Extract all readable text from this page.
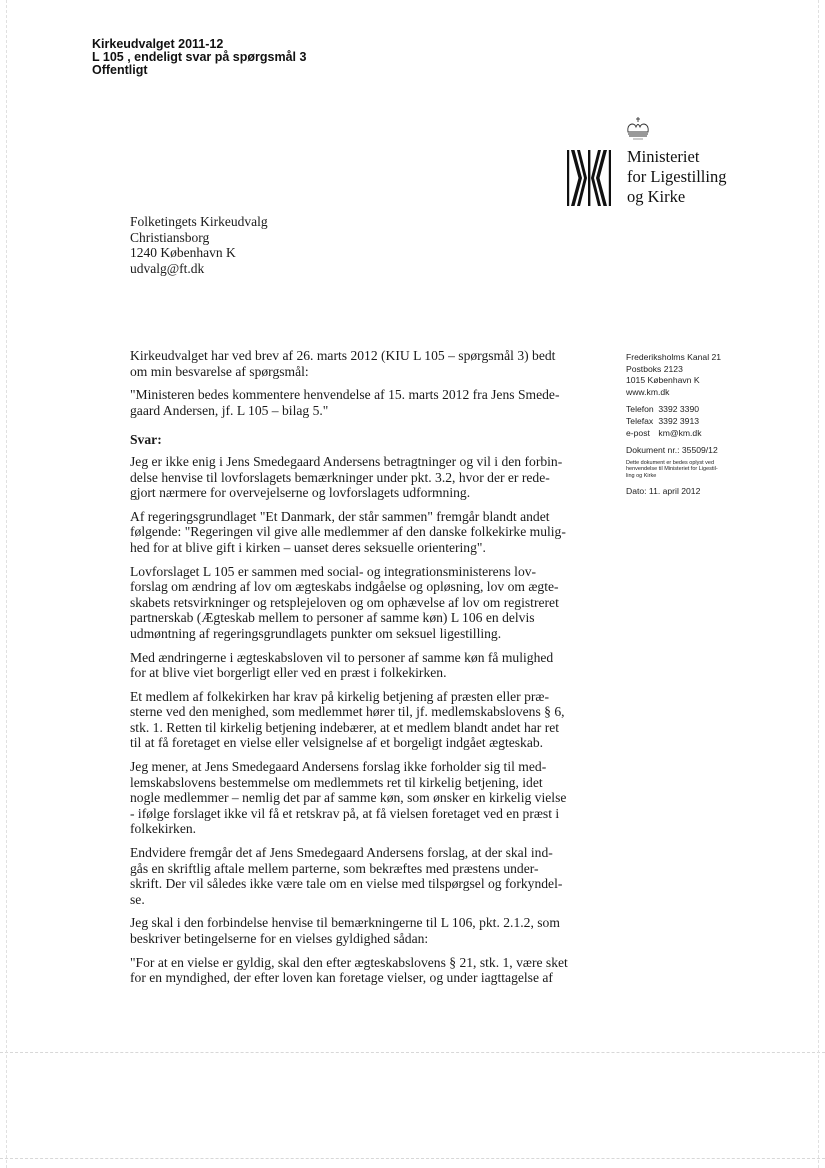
Kirkeudvalget 2011-12
L 105 , endeligt svar på spørgsmål 3
Offentligt
Ministeriet
for Ligestilling
og Kirke
Folketingets Kirkeudvalg
Christiansborg
1240 København K
udvalg@ft.dk
Frederiksholms Kanal 21
Postboks 2123
1015 København K
www.km.dk
Telefon 3392 3390
Telefax 3392 3913
e-post km@km.dk
Dokument nr.: 35509/12
Dette dokument er bedes oplyst ved
henvendelse til Ministeriet for Ligestil-
ling og Kirke
Dato: 11. april 2012

Kirkeudvalget har ved brev af 26. marts 2012 (KIU L 105 – spørgsmål 3) bedt
om min besvarelse af spørgsmål:

"Ministeren bedes kommentere henvendelse af 15. marts 2012 fra Jens Smede-
gaard Andersen, jf. L 105 – bilag 5."

Svar:

Jeg er ikke enig i Jens Smedegaard Andersens betragtninger og vil i den forbin-
delse henvise til lovforslagets bemærkninger under pkt. 3.2, hvor der er rede-
gjort nærmere for overvejelserne og lovforslagets udformning.

Af regeringsgrundlaget "Et Danmark, der står sammen" fremgår blandt andet
følgende: "Regeringen vil give alle medlemmer af den danske folkekirke mulig-
hed for at blive gift i kirken – uanset deres seksuelle orientering".

Lovforslaget L 105 er sammen med social- og integrationsministerens lov-
forslag om ændring af lov om ægteskabs indgåelse og opløsning, lov om ægte-
skabets retsvirkninger og retsplejeloven og om ophævelse af lov om registreret
partnerskab (Ægteskab mellem to personer af samme køn) L 106 en delvis
udmøntning af regeringsgrundlagets punkter om seksuel ligestilling.

Med ændringerne i ægteskabsloven vil to personer af samme køn få mulighed
for at blive viet borgerligt eller ved en præst i folkekirken.

Et medlem af folkekirken har krav på kirkelig betjening af præsten eller præ-
sterne ved den menighed, som medlemmet hører til, jf. medlemskabslovens § 6,
stk. 1. Retten til kirkelig betjening indebærer, at et medlem blandt andet har ret
til at få foretaget en vielse eller velsignelse af et borgeligt indgået ægteskab.

Jeg mener, at Jens Smedegaard Andersens forslag ikke forholder sig til med-
lemskabslovens bestemmelse om medlemmets ret til kirkelig betjening, idet
nogle medlemmer – nemlig det par af samme køn, som ønsker en kirkelig vielse
- ifølge forslaget ikke vil få et retskrav på, at få vielsen foretaget ved en præst i
folkekirken.

Endvidere fremgår det af Jens Smedegaard Andersens forslag, at der skal ind-
gås en skriftlig aftale mellem parterne, som bekræftes med præstens under-
skrift. Der vil således ikke være tale om en vielse med tilspørgsel og forkyndel-
se.

Jeg skal i den forbindelse henvise til bemærkningerne til L 106, pkt. 2.1.2, som
beskriver betingelserne for en vielses gyldighed sådan:

"For at en vielse er gyldig, skal den efter ægteskabslovens § 21, stk. 1, være sket
for en myndighed, der efter loven kan foretage vielser, og under iagttagelse af
